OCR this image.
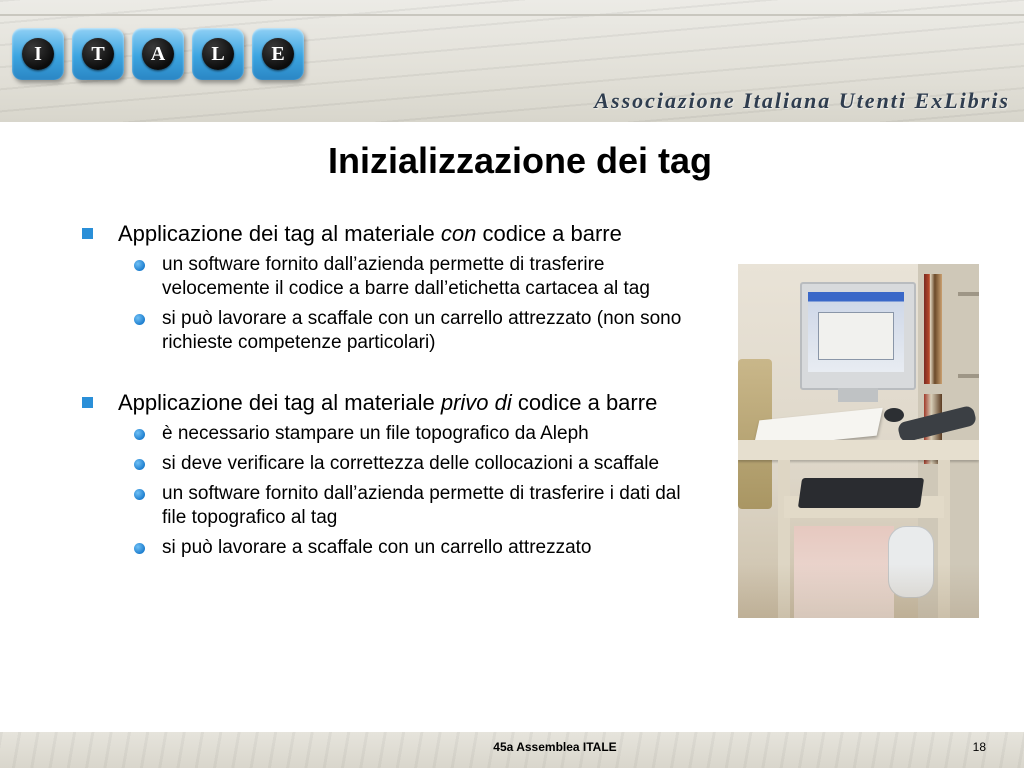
I	T	A	L	E
Associazione Italiana Utenti ExLibris
Inizializzazione dei tag
Applicazione dei tag al materiale con codice a barre
un software fornito dall’azienda permette di trasferire velocemente il codice a barre dall’etichetta cartacea al tag
si può lavorare a scaffale con un carrello attrezzato (non sono richieste competenze particolari)
Applicazione dei tag al materiale privo di codice a barre
è necessario stampare un file topografico da Aleph
si deve verificare la correttezza delle collocazioni a scaffale
un software fornito dall’azienda permette di trasferire i dati dal file topografico al tag
si può lavorare a scaffale con un carrello attrezzato
45a Assemblea ITALE	18
